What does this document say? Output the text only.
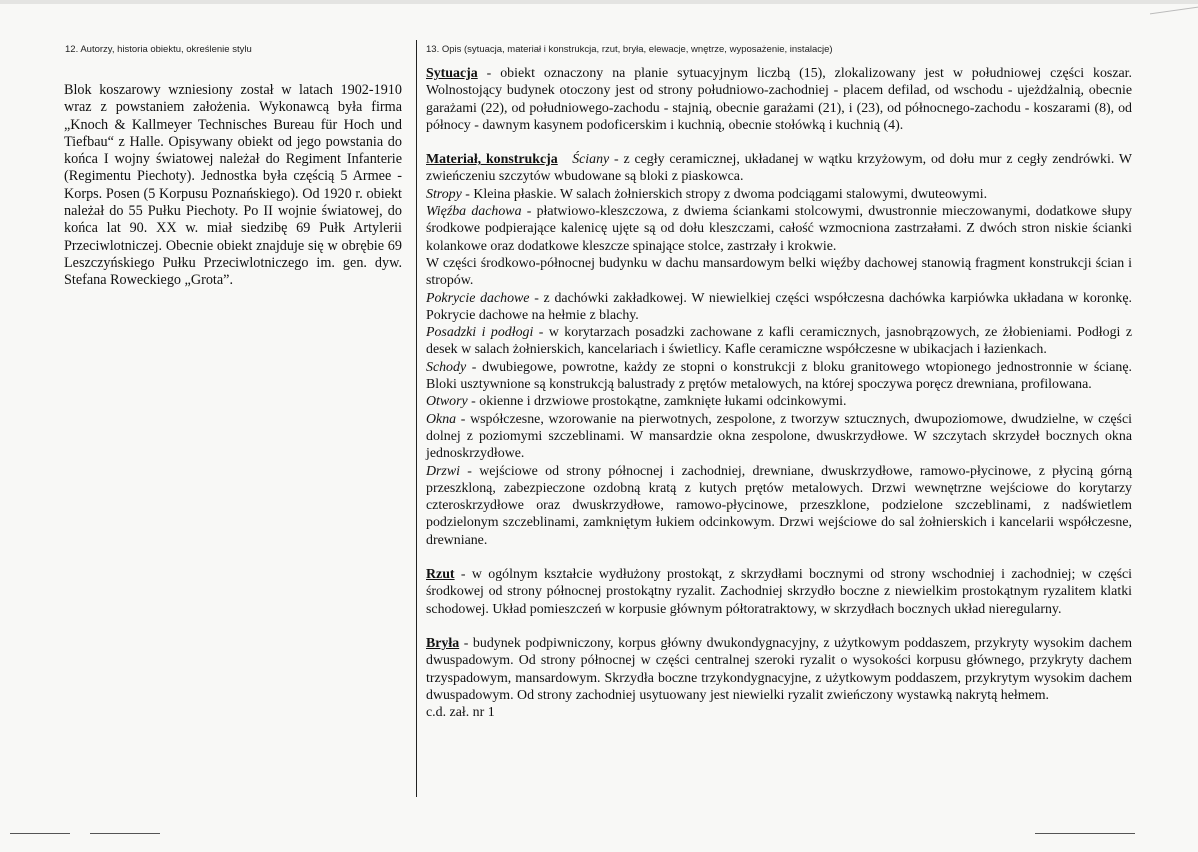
12. Autorzy, historia obiektu, określenie stylu
Blok koszarowy wzniesiony został w latach 1902-1910 wraz z powstaniem założenia. Wykonawcą była firma „Knoch & Kallmeyer Technisches Bureau für Hoch und Tiefbau“ z Halle. Opisywany obiekt od jego powstania do końca I wojny światowej należał do Regiment Infanterie (Regimentu Piechoty). Jednostka była częścią 5 Armee - Korps. Posen (5 Korpusu Poznańskiego). Od 1920 r. obiekt należał do 55 Pułku Piechoty. Po II wojnie światowej, do końca lat 90. XX w. miał siedzibę 69 Pułk Artylerii Przeciwlotniczej. Obecnie obiekt znajduje się w obrębie 69 Leszczyńskiego Pułku Przeciwlotniczego im. gen. dyw. Stefana Roweckiego „Grota”.
13. Opis (sytuacja, materiał i konstrukcja, rzut, bryła, elewacje, wnętrze, wyposażenie, instalacje)

Sytuacja - obiekt oznaczony na planie sytuacyjnym liczbą (15), zlokalizowany jest w południowej części koszar. Wolnostojący budynek otoczony jest od strony południowo-zachodniej - placem defilad, od wschodu - ujeżdżalnią, obecnie garażami (22), od południowego-zachodu - stajnią, obecnie garażami (21), i (23), od północnego-zachodu - koszarami (8), od północy - dawnym kasynem podoficerskim i kuchnią, obecnie stołówką i kuchnią (4).

Materiał, konstrukcja Ściany - z cegły ceramicznej, układanej w wątku krzyżowym, od dołu mur z cegły zendrówki. W zwieńczeniu szczytów wbudowane są bloki z piaskowca.

Stropy - Kleina płaskie. W salach żołnierskich stropy z dwoma podciągami stalowymi, dwuteowymi.

Więźba dachowa - płatwiowo-kleszczowa, z dwiema ściankami stolcowymi, dwustronnie mieczowanymi, dodatkowe słupy środkowe podpierające kalenicę ujęte są od dołu kleszczami, całość wzmocniona zastrzałami. Z dwóch stron niskie ścianki kolankowe oraz dodatkowe kleszcze spinające stolce, zastrzały i krokwie.

W części środkowo-północnej budynku w dachu mansardowym belki więźby dachowej stanowią fragment konstrukcji ścian i stropów.

Pokrycie dachowe - z dachówki zakładkowej. W niewielkiej części współczesna dachówka karpiówka układana w koronkę. Pokrycie dachowe na hełmie z blachy.

Posadzki i podłogi - w korytarzach posadzki zachowane z kafli ceramicznych, jasnobrązowych, ze żłobieniami. Podłogi z desek w salach żołnierskich, kancelariach i świetlicy. Kafle ceramiczne współczesne w ubikacjach i łazienkach.

Schody - dwubiegowe, powrotne, każdy ze stopni o konstrukcji z bloku granitowego wtopionego jednostronnie w ścianę. Bloki usztywnione są konstrukcją balustrady z prętów metalowych, na której spoczywa poręcz drewniana, profilowana.

Otwory - okienne i drzwiowe prostokątne, zamknięte łukami odcinkowymi.

Okna - współczesne, wzorowanie na pierwotnych, zespolone, z tworzyw sztucznych, dwupoziomowe, dwudzielne, w części dolnej z poziomymi szczeblinami. W mansardzie okna zespolone, dwuskrzydłowe. W szczytach skrzydeł bocznych okna jednoskrzydłowe.

Drzwi - wejściowe od strony północnej i zachodniej, drewniane, dwuskrzydłowe, ramowo-płycinowe, z płyciną górną przeszkloną, zabezpieczone ozdobną kratą z kutych prętów metalowych. Drzwi wewnętrzne wejściowe do korytarzy czteroskrzydłowe oraz dwuskrzydłowe, ramowo-płycinowe, przeszklone, podzielone szczeblinami, z nadświetlem podzielonym szczeblinami, zamkniętym łukiem odcinkowym. Drzwi wejściowe do sal żołnierskich i kancelarii współczesne, drewniane.

Rzut - w ogólnym kształcie wydłużony prostokąt, z skrzydłami bocznymi od strony wschodniej i zachodniej; w części środkowej od strony północnej prostokątny ryzalit. Zachodniej skrzydło boczne z niewielkim prostokątnym ryzalitem klatki schodowej. Układ pomieszczeń w korpusie głównym półtoratraktowy, w skrzydłach bocznych układ nieregularny.

Bryła - budynek podpiwniczony, korpus główny dwukondygnacyjny, z użytkowym poddaszem, przykryty wysokim dachem dwuspadowym. Od strony północnej w części centralnej szeroki ryzalit o wysokości korpusu głównego, przykryty dachem trzyspadowym, mansardowym. Skrzydła boczne trzykondygnacyjne, z użytkowym poddaszem, przykrytym wysokim dachem dwuspadowym. Od strony zachodniej usytuowany jest niewielki ryzalit zwieńczony wystawką nakrytą hełmem.

c.d. zał. nr 1
